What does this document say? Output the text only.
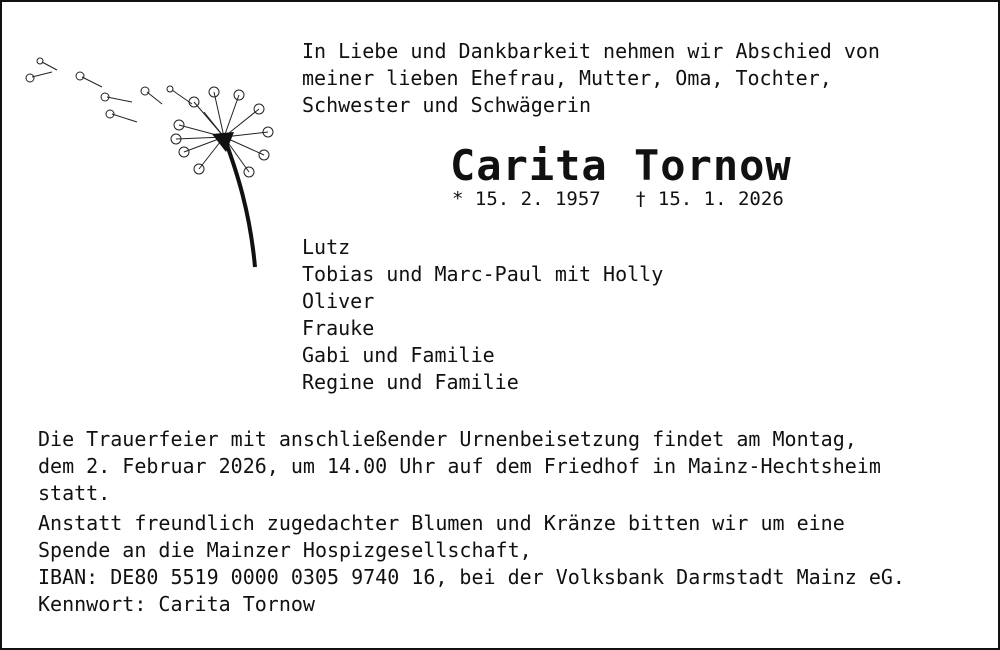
In Liebe und Dankbarkeit nehmen wir Abschied von
meiner lieben Ehefrau, Mutter, Oma, Tochter,
Schwester und Schwägerin
Carita Tornow
* 15. 2. 1957 † 15. 1. 2026
Lutz
Tobias und Marc-Paul mit Holly
Oliver
Frauke
Gabi und Familie
Regine und Familie
Die Trauerfeier mit anschließender Urnenbeisetzung findet am Montag,
dem 2. Februar 2026, um 14.00 Uhr auf dem Friedhof in Mainz-Hechtsheim
statt.
Anstatt freundlich zugedachter Blumen und Kränze bitten wir um eine
Spende an die Mainzer Hospizgesellschaft,
IBAN: DE80 5519 0000 0305 9740 16, bei der Volksbank Darmstadt Mainz eG.
Kennwort: Carita Tornow
